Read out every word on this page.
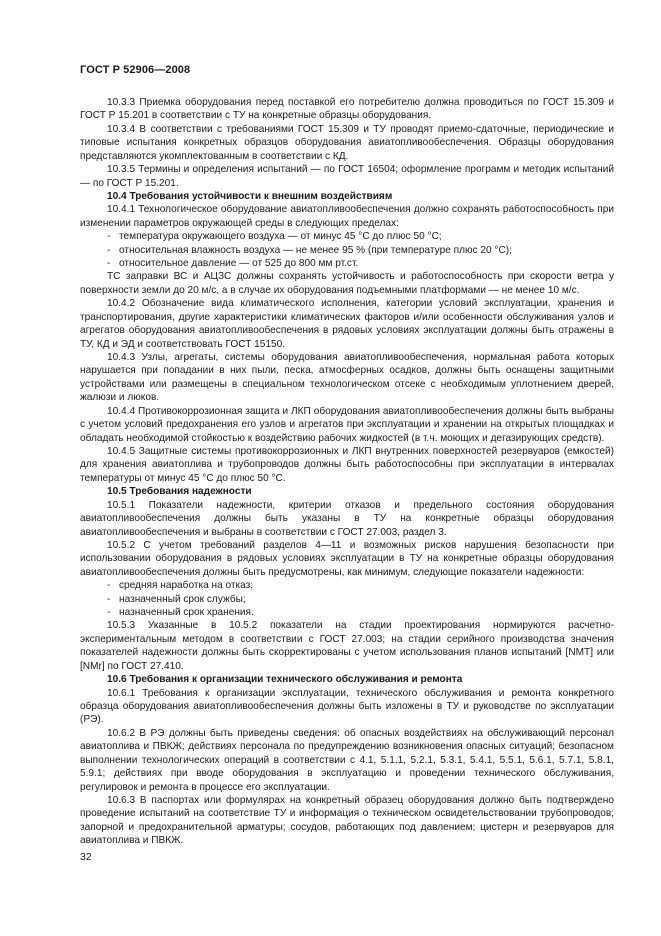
ГОСТ Р 52906—2008
10.3.3 Приемка оборудования перед поставкой его потребителю должна проводиться по ГОСТ 15.309 и ГОСТ Р 15.201 в соответствии с ТУ на конкретные образцы оборудования.
10.3.4 В соответствии с требованиями ГОСТ 15.309 и ТУ проводят приемо-сдаточные, периодические и типовые испытания конкретных образцов оборудования авиатопливообеспечения. Образцы оборудования представляются укомплектованным в соответствии с КД.
10.3.5 Термины и определения испытаний — по ГОСТ 16504; оформление программ и методик испытаний — по ГОСТ Р 15.201.
10.4 Требования устойчивости к внешним воздействиям
10.4.1 Технологическое оборудование авиатопливообеспечения должно сохранять работоспособность при изменении параметров окружающей среды в следующих пределах:
- температура окружающего воздуха — от минус 45 °С до плюс 50 °С;
- относительная влажность воздуха — не менее 95 % (при температуре плюс 20 °С);
- относительное давление — от 525 до 800 мм рт.ст.
ТС заправки ВС и АЦЗС должны сохранять устойчивость и работоспособность при скорости ветра у поверхности земли до 20 м/с, а в случае их оборудования подъемными платформами — не менее 10 м/с.
10.4.2 Обозначение вида климатического исполнения, категории условий эксплуатации, хранения и транспортирования, другие характеристики климатических факторов и/или особенности обслуживания узлов и агрегатов оборудования авиатопливообеспечения в рядовых условиях эксплуатации должны быть отражены в ТУ, КД и ЭД и соответствовать ГОСТ 15150.
10.4.3 Узлы, агрегаты, системы оборудования авиатопливообеспечения, нормальная работа которых нарушается при попадании в них пыли, песка, атмосферных осадков, должны быть оснащены защитными устройствами или размещены в специальном технологическом отсеке с необходимым уплотнением дверей, жалюзи и люков.
10.4.4 Противокоррозионная защита и ЛКП оборудования авиатопливообеспечения должны быть выбраны с учетом условий предохранения его узлов и агрегатов при эксплуатации и хранении на открытых площадках и обладать необходимой стойкостью к воздействию рабочих жидкостей (в т.ч. моющих и дегазирующих средств).
10.4.5 Защитные системы противокоррозионных и ЛКП внутренних поверхностей резервуаров (емкостей) для хранения авиатоплива и трубопроводов должны быть работоспособны при эксплуатации в интервалах температуры от минус 45 °С до плюс 50 °С.
10.5 Требования надежности
10.5.1 Показатели надежности, критерии отказов и предельного состояния оборудования авиатопливообеспечения должны быть указаны в ТУ на конкретные образцы оборудования авиатопливообеспечения и выбраны в соответствии с ГОСТ 27.003, раздел 3.
10.5.2 С учетом требований разделов 4—11 и возможных рисков нарушения безопасности при использовании оборудования в рядовых условиях эксплуатации в ТУ на конкретные образцы оборудования авиатопливообеспечения должны быть предусмотрены, как минимум, следующие показатели надежности:
- средняя наработка на отказ;
- назначенный срок службы;
- назначенный срок хранения.
10.5.3 Указанные в 10.5.2 показатели на стадии проектирования нормируются расчетно-экспериментальным методом в соответствии с ГОСТ 27.003; на стадии серийного производства значения показателей надежности должны быть скорректированы с учетом использования планов испытаний [NMT] или [NMr] по ГОСТ 27.410.
10.6 Требования к организации технического обслуживания и ремонта
10.6.1 Требования к организации эксплуатации, технического обслуживания и ремонта конкретного образца оборудования авиатопливообеспечения должны быть изложены в ТУ и руководстве по эксплуатации (РЭ).
10.6.2 В РЭ должны быть приведены сведения: об опасных воздействиях на обслуживающий персонал авиатоплива и ПВКЖ; действиях персонала по предупреждению возникновения опасных ситуаций; безопасном выполнении технологических операций в соответствии с 4.1, 5.1.1, 5.2.1, 5.3.1, 5.4.1, 5.5.1, 5.6.1, 5.7.1, 5.8.1, 5.9.1; действиях при вводе оборудования в эксплуатацию и проведении технического обслуживания, регулировок и ремонта в процессе его эксплуатации.
10.6.3 В паспортах или формулярах на конкретный образец оборудования должно быть подтверждено проведение испытаний на соответствие ТУ и информация о техническом освидетельствовании трубопроводов; запорной и предохранительной арматуры; сосудов, работающих под давлением; цистерн и резервуаров для авиатоплива и ПВКЖ.
32
